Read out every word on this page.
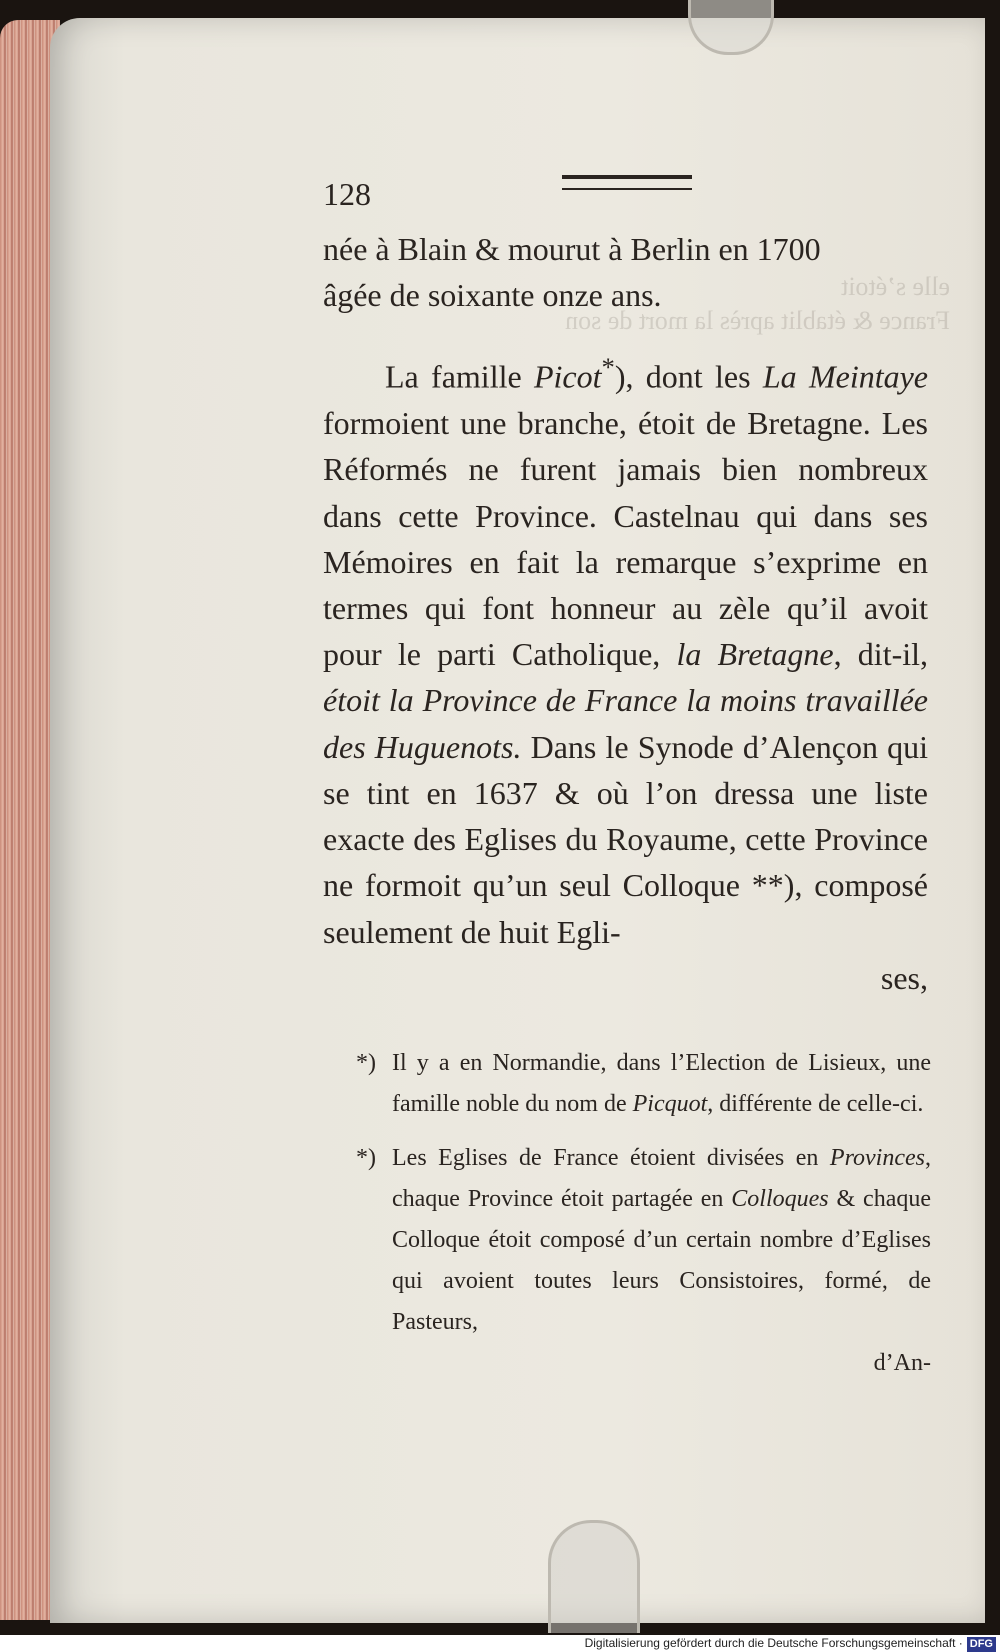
elle s’étoit
France & établit après la mort de son
128

née à Blain & mourut à Berlin en 1700
âgée de soixante onze ans.

La famille Picot*), dont les La Meintaye formoient une branche, étoit de Bretagne. Les Réformés ne furent jamais bien nombreux dans cette Province. Castelnau qui dans ses Mémoires en fait la remarque s’exprime en termes qui font honneur au zèle qu’il avoit pour le parti Catholique, la Bretagne, dit-il, étoit la Province de France la moins travaillée des Huguenots. Dans le Synode d’Alençon qui se tint en 1637 & où l’on dressa une liste exacte des Eglises du Royaume, cette Province ne formoit qu’un seul Colloque **), composé seulement de huit Egli-

ses,

*) Il y a en Normandie, dans l’Election de Lisieux, une famille noble du nom de Picquot, différente de celle-ci.

*) Les Eglises de France étoient divisées en Provinces, chaque Province étoit partagée en Colloques & chaque Colloque étoit composé d’un certain nombre d’Eglises qui avoient toutes leurs Consistoires, formé, de Pasteurs,

d’An-

Digitalisierung gefördert durch die Deutsche Forschungsgemeinschaft · DFG
